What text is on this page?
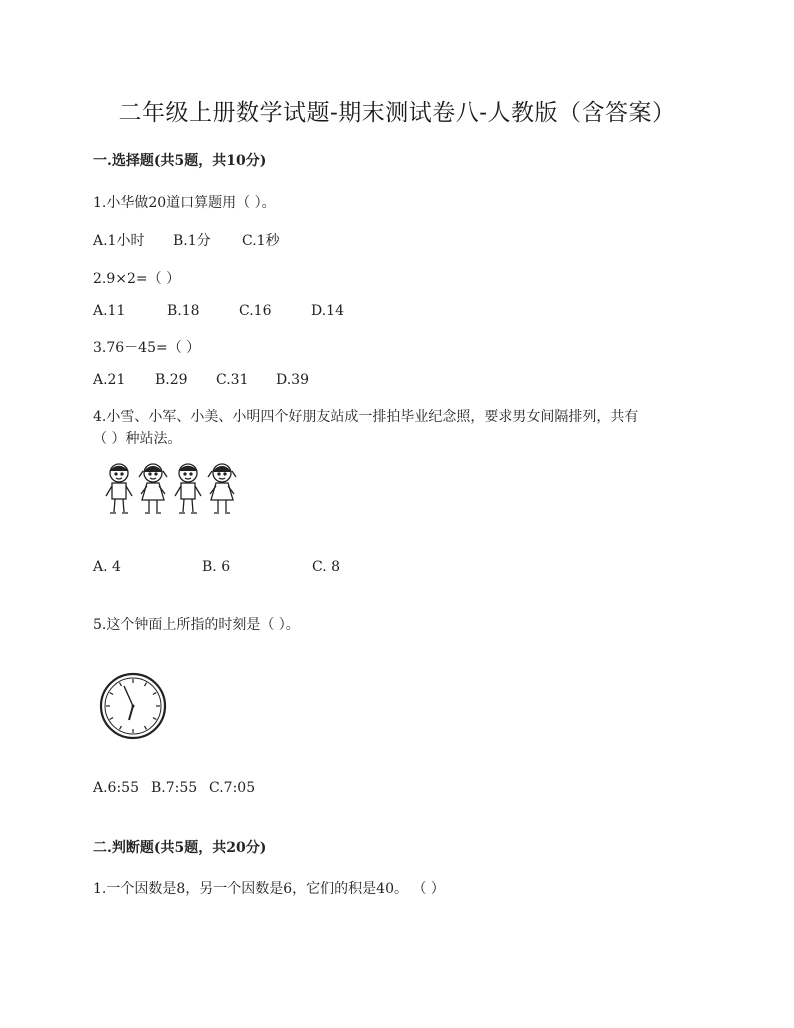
二年级上册数学试题-期末测试卷八-人教版（含答案）
一.选择题(共5题，共10分)
1.小华做20道口算题用（ ）。
A.1小时 B.1分 C.1秒
2.9×2=（ ）
A.11	B.18	C.16	D.14
3.76－45=（ ）
A.21 B.29 C.31 D.39
4.小雪、小军、小美、小明四个好朋友站成一排拍毕业纪念照，要求男女间隔排列，共有
（ ）种站法。
A. 4	B. 6	C. 8
5.这个钟面上所指的时刻是（ ）。
A.6:55 B.7:55 C.7:05
二.判断题(共5题，共20分)
1.一个因数是8，另一个因数是6，它们的积是40。 （ ）
